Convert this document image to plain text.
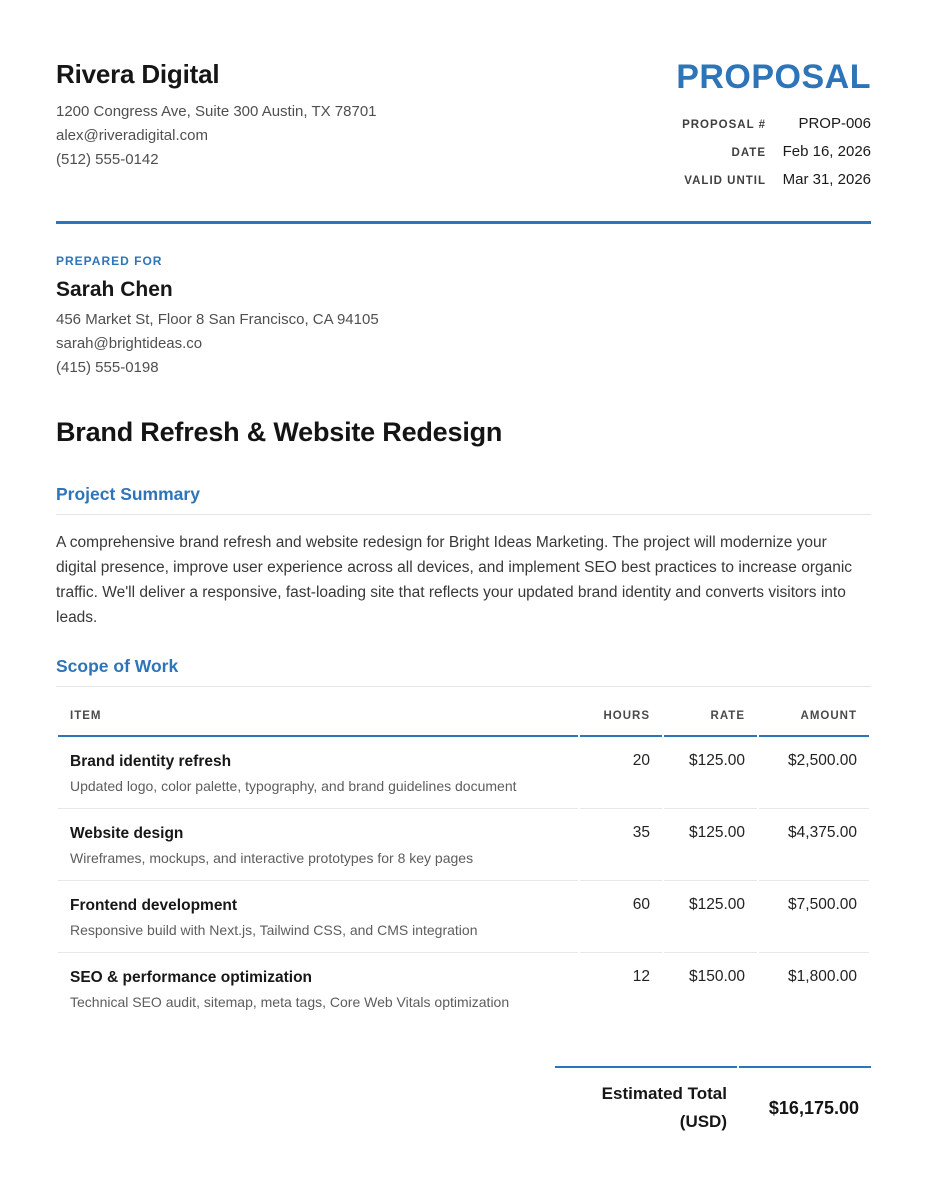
Rivera Digital
1200 Congress Ave, Suite 300 Austin, TX 78701
alex@riveradigital.com
(512) 555-0142
PROPOSAL
PROPOSAL #	PROP-006
DATE	Feb 16, 2026
VALID UNTIL	Mar 31, 2026
PREPARED FOR
Sarah Chen
456 Market St, Floor 8 San Francisco, CA 94105
sarah@brightideas.co
(415) 555-0198
Brand Refresh & Website Redesign
Project Summary
A comprehensive brand refresh and website redesign for Bright Ideas Marketing. The project will modernize your digital presence, improve user experience across all devices, and implement SEO best practices to increase organic traffic. We'll deliver a responsive, fast-loading site that reflects your updated brand identity and converts visitors into leads.
Scope of Work
ITEM	HOURS	RATE	AMOUNT

Brand identity refresh
Updated logo, color palette, typography, and brand guidelines document	20	$125.00	$2,500.00

Website design
Wireframes, mockups, and interactive prototypes for 8 key pages	35	$125.00	$4,375.00

Frontend development
Responsive build with Next.js, Tailwind CSS, and CMS integration	60	$125.00	$7,500.00

SEO & performance optimization
Technical SEO audit, sitemap, meta tags, Core Web Vitals optimization	12	$150.00	$1,800.00
Estimated Total (USD)
$16,175.00
